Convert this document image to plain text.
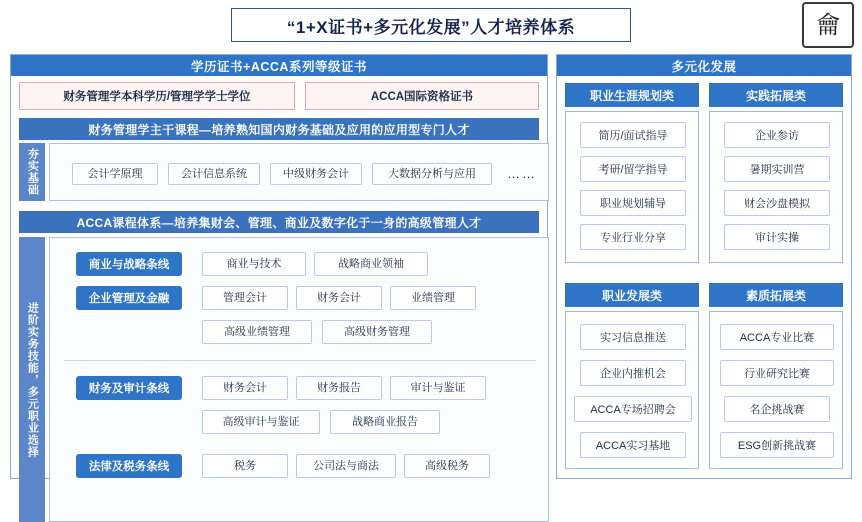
“1+X证书+多元化发展”人才培养体系	龠
学历证书+ACCA系列等级证书
财务管理学本科学历/管理学学士学位	ACCA国际资格证书
财务管理学主干课程—培养熟知国内财务基础及应用的应用型专门人才
夯实基础	会计学原理	会计信息系统	中级财务会计	大数据分析与应用	……
ACCA课程体系—培养集财会、管理、商业及数字化于一身的高级管理人才
进阶实务技能，多元职业选择
商业与战略条线	商业与技术	战略商业领袖
企业管理及金融	管理会计	财务会计	业绩管理
高级业绩管理	高级财务管理
财务及审计条线	财务会计	财务报告	审计与鉴证
高级审计与鉴证	战略商业报告
法律及税务条线	税务	公司法与商法	高级税务
多元化发展
职业生涯规划类
简历/面试指导
考研/留学指导
职业规划辅导
专业行业分享
实践拓展类
企业参访
暑期实训营
财会沙盘模拟
审计实操
职业发展类
实习信息推送
企业内推机会
ACCA专场招聘会
ACCA实习基地
素质拓展类
ACCA专业比赛
行业研究比赛
名企挑战赛
ESG创新挑战赛
